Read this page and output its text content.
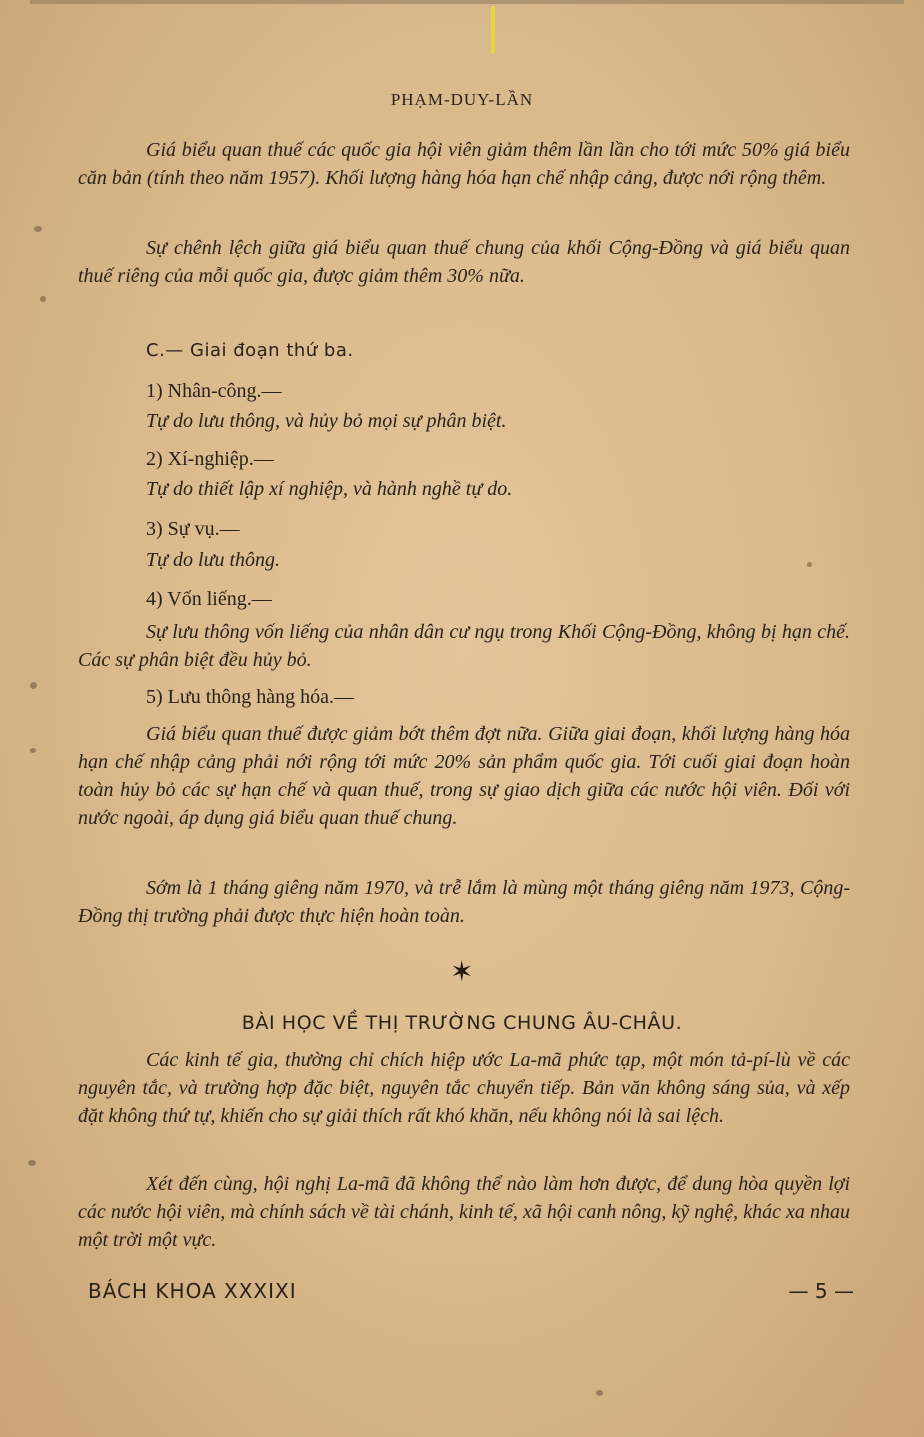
PHẠM-DUY-LẦN

Giá biểu quan thuế các quốc gia hội viên giảm thêm lần lần cho tới mức 50% giá biểu căn bản (tính theo năm 1957). Khối lượng hàng hóa hạn chế nhập cảng, được nới rộng thêm.

Sự chênh lệch giữa giá biểu quan thuế chung của khối Cộng-Đồng và giá biểu quan thuế riêng của mỗi quốc gia, được giảm thêm 30% nữa.

C.— Giai đoạn thứ ba.
1) Nhân-công.—
Tự do lưu thông, và hủy bỏ mọi sự phân biệt.
2) Xí-nghiệp.—
Tự do thiết lập xí nghiệp, và hành nghề tự do.
3) Sự vụ.—
Tự do lưu thông.
4) Vốn liếng.—

Sự lưu thông vốn liếng của nhân dân cư ngụ trong Khối Cộng-Đồng, không bị hạn chế. Các sự phân biệt đều hủy bỏ.

5) Lưu thông hàng hóa.—

Giá biểu quan thuế được giảm bớt thêm đợt nữa. Giữa giai đoạn, khối lượng hàng hóa hạn chế nhập cảng phải nới rộng tới mức 20% sản phẩm quốc gia. Tới cuối giai đoạn hoàn toàn hủy bỏ các sự hạn chế và quan thuế, trong sự giao dịch giữa các nước hội viên. Đối với nước ngoài, áp dụng giá biểu quan thuế chung.

Sớm là 1 tháng giêng năm 1970, và trễ lắm là mùng một tháng giêng năm 1973, Cộng-Đồng thị trường phải được thực hiện hoàn toàn.

✶
BÀI HỌC VỀ THỊ TRƯỜNG CHUNG ÂU-CHÂU.

Các kinh tế gia, thường chỉ chích hiệp ước La-mã phức tạp, một món tả-pí-lù về các nguyên tắc, và trường hợp đặc biệt, nguyên tắc chuyển tiếp. Bản văn không sáng sủa, và xếp đặt không thứ tự, khiến cho sự giải thích rất khó khăn, nếu không nói là sai lệch.

Xét đến cùng, hội nghị La-mã đã không thể nào làm hơn được, để dung hòa quyền lợi các nước hội viên, mà chính sách về tài chánh, kinh tế, xã hội canh nông, kỹ nghệ, khác xa nhau một trời một vực.

BÁCH KHOA XXXIXI	— 5 —
